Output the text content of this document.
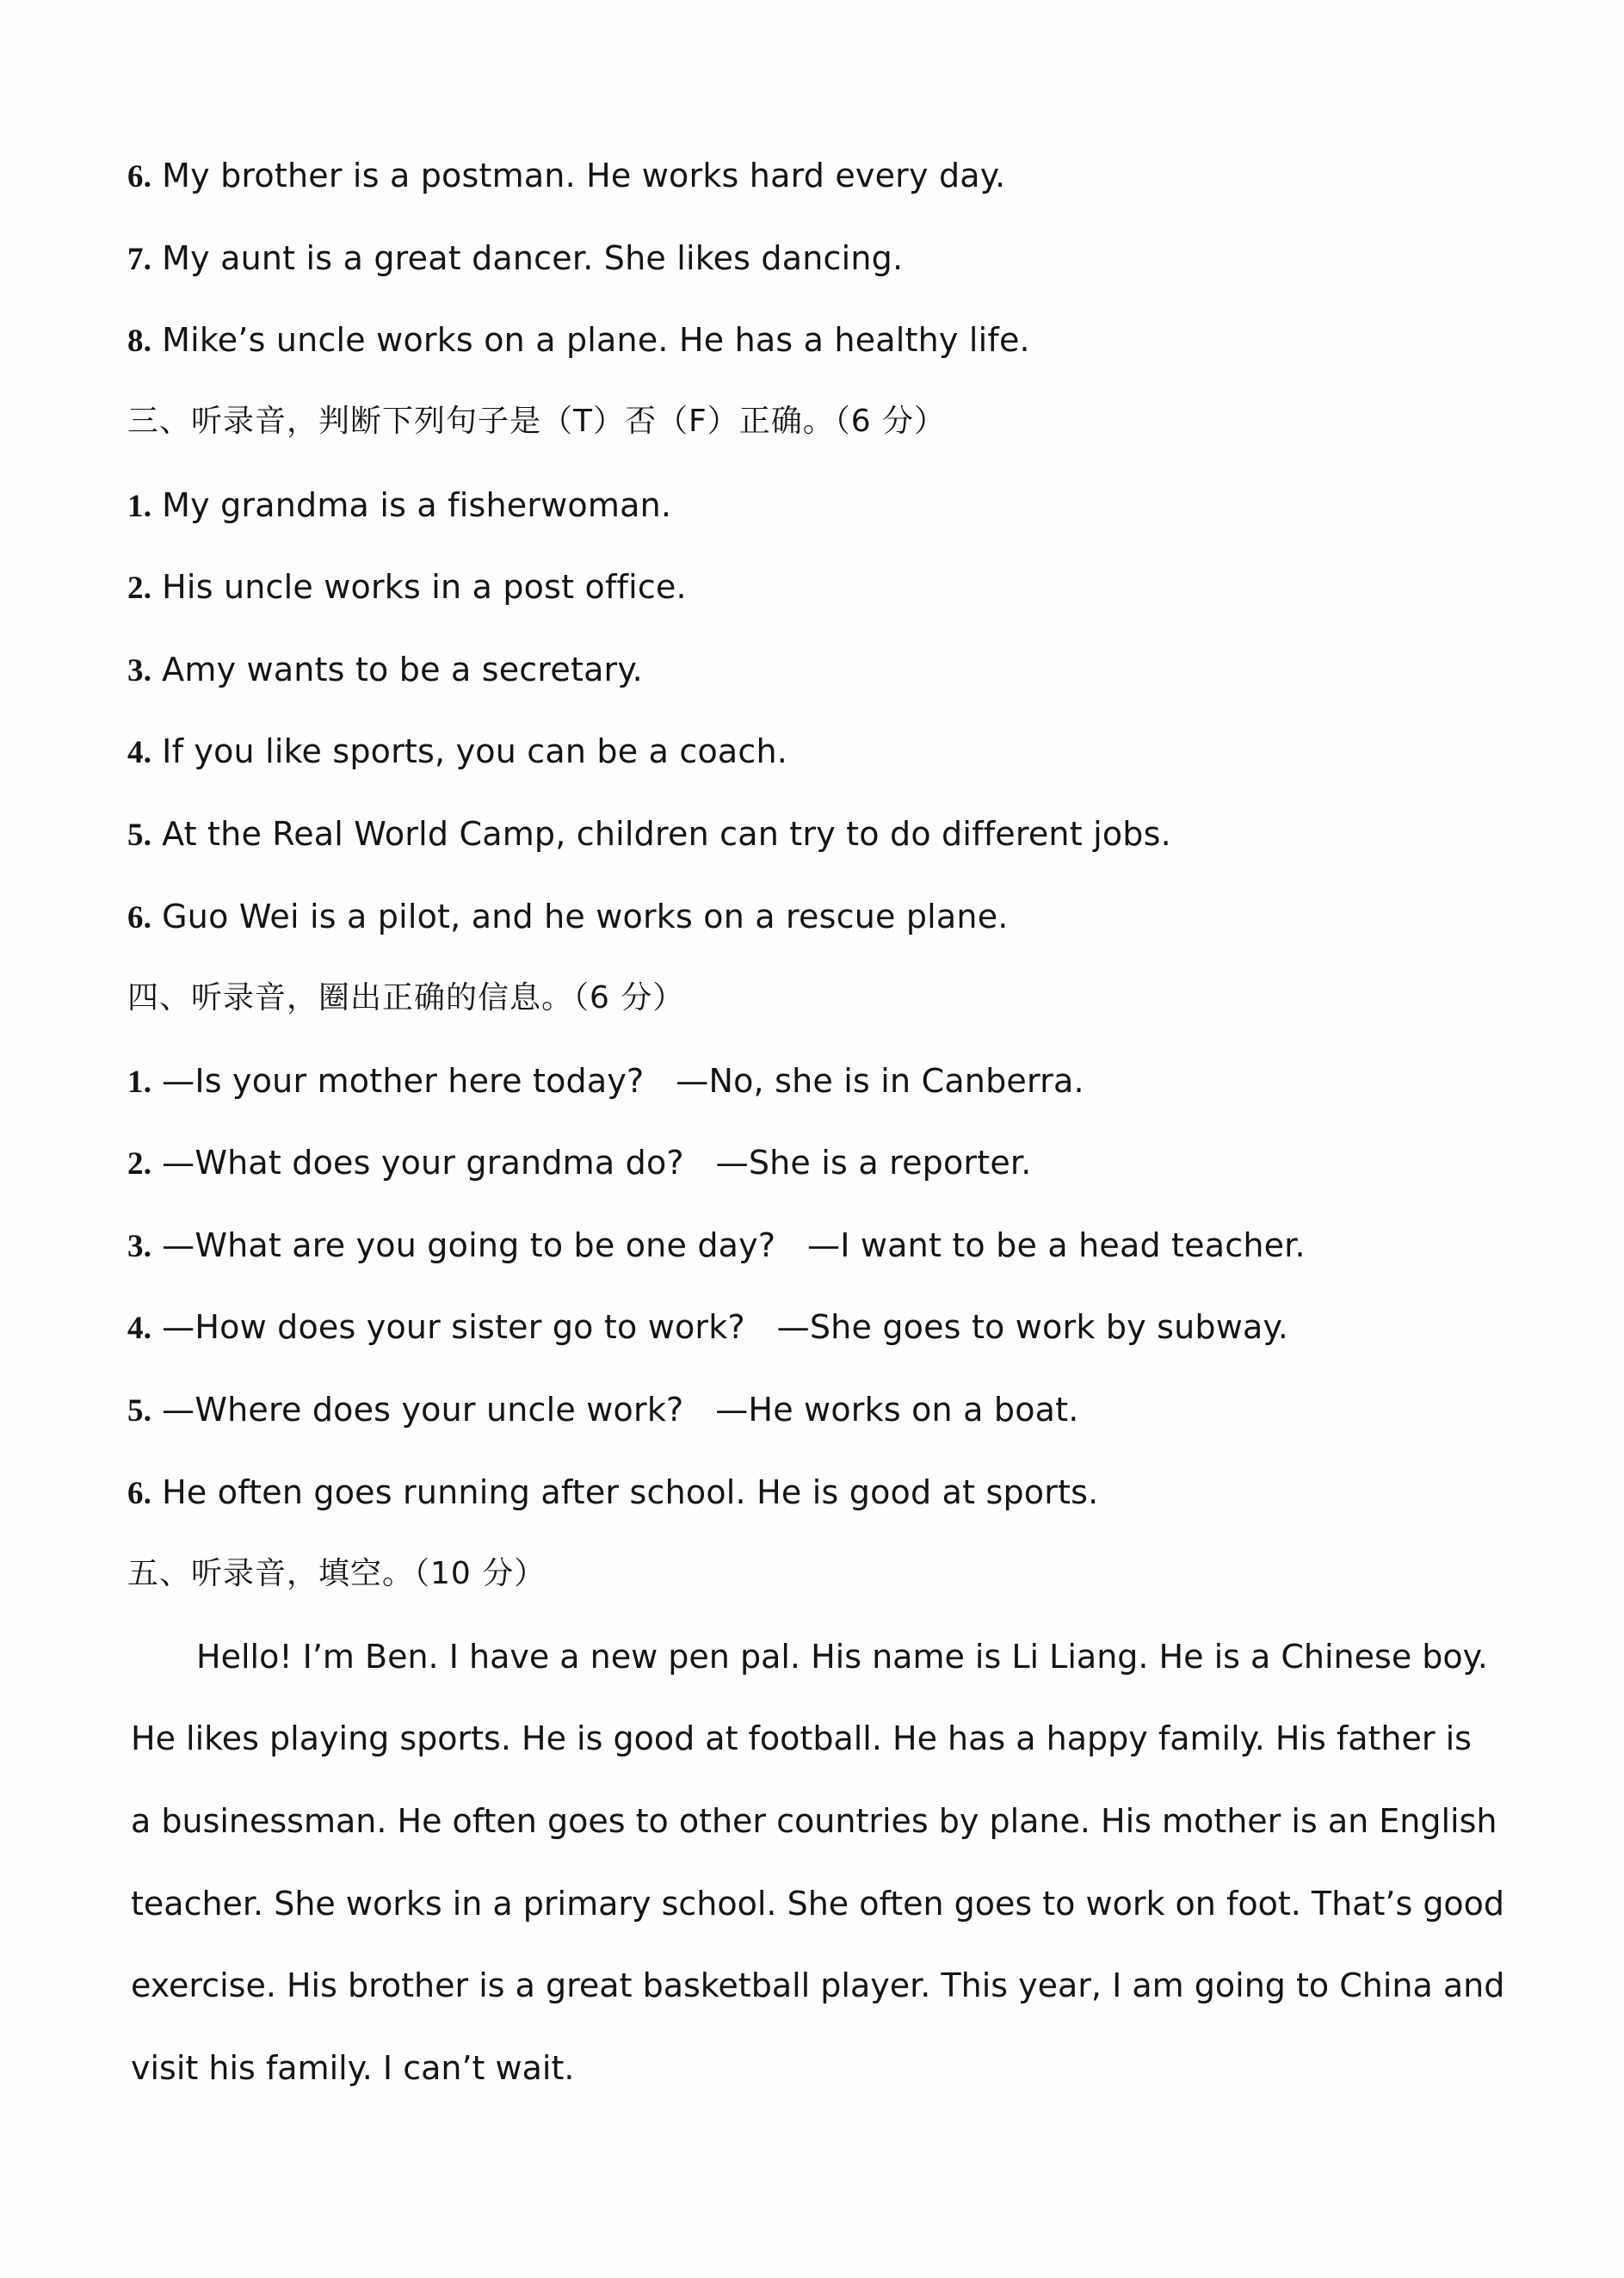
6. My brother is a postman. He works hard every day.
7. My aunt is a great dancer. She likes dancing.
8. Mike’s uncle works on a plane. He has a healthy life.
三、听录音，判断下列句子是（T）否（F）正确。（6 分）
1. My grandma is a fisherwoman.
2. His uncle works in a post office.
3. Amy wants to be a secretary.
4. If you like sports, you can be a coach.
5. At the Real World Camp, children can try to do different jobs.
6. Guo Wei is a pilot, and he works on a rescue plane.
四、听录音，圈出正确的信息。（6 分）
1. —Is your mother here today?   —No, she is in Canberra.
2. —What does your grandma do?   —She is a reporter.
3. —What are you going to be one day?   —I want to be a head teacher.
4. —How does your sister go to work?   —She goes to work by subway.
5. —Where does your uncle work?   —He works on a boat.
6. He often goes running after school. He is good at sports.
五、听录音，填空。（10 分）
Hello! I’m Ben. I have a new pen pal. His name is Li Liang. He is a Chinese boy.
He likes playing sports. He is good at football. He has a happy family. His father is
a businessman. He often goes to other countries by plane. His mother is an English
teacher. She works in a primary school. She often goes to work on foot. That’s good
exercise. His brother is a great basketball player. This year, I am going to China and
visit his family. I can’t wait.
